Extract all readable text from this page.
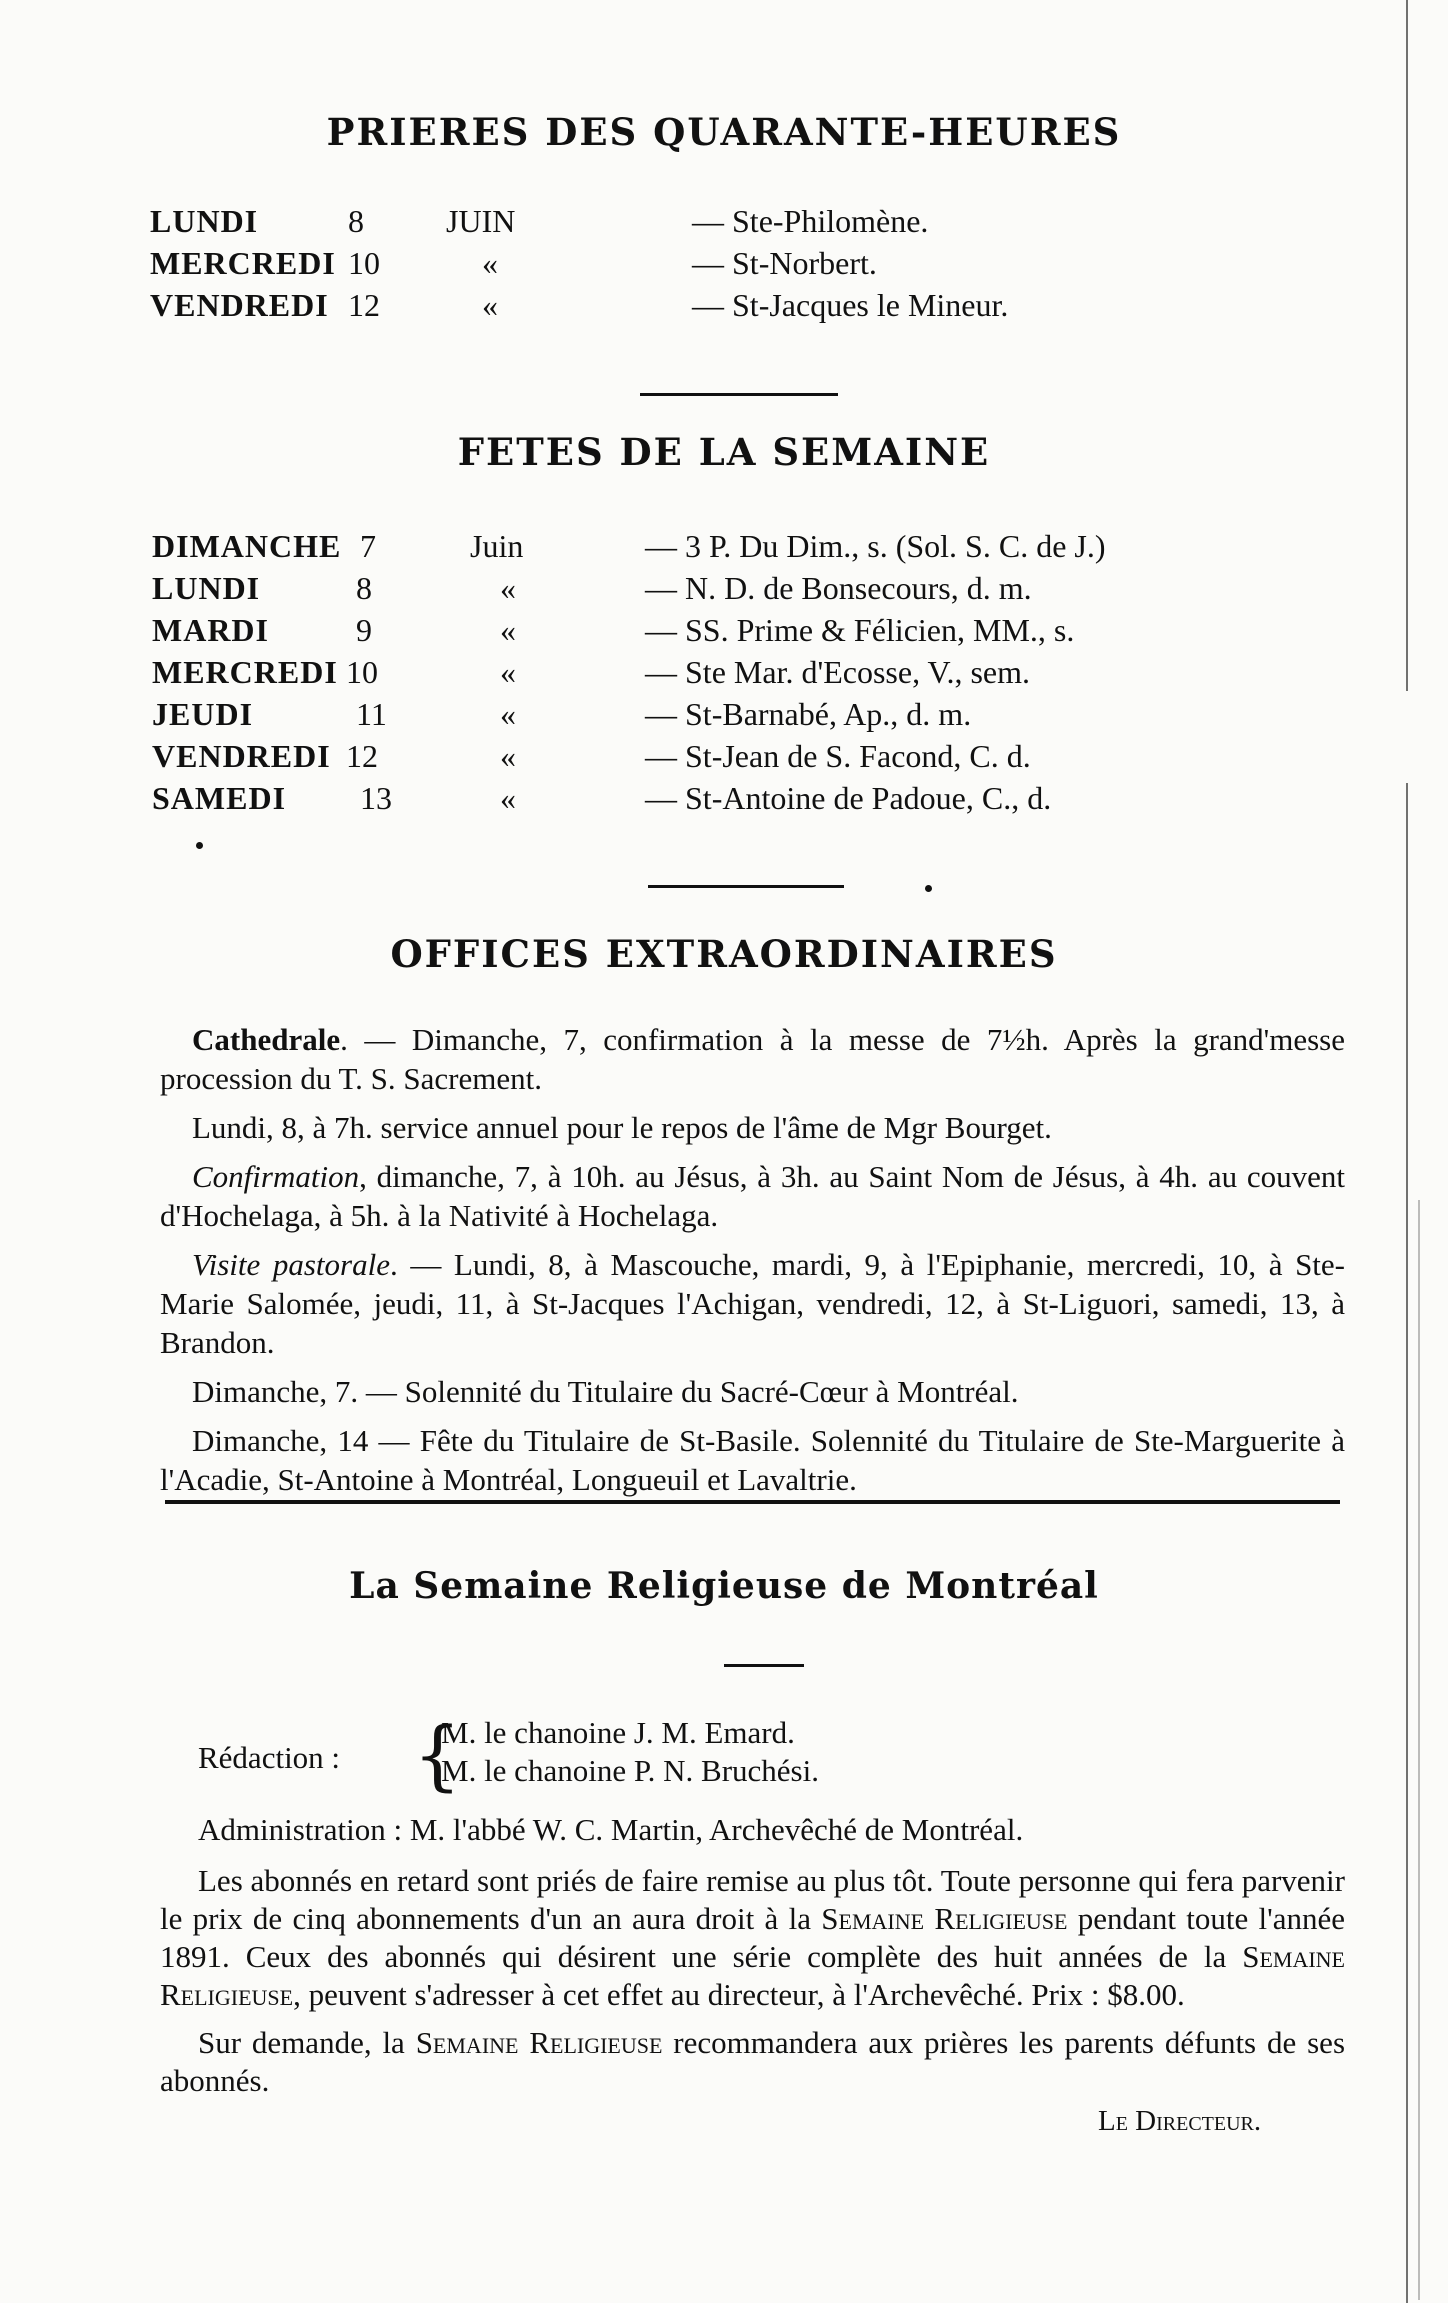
PRIERES DES QUARANTE-HEURES
LUNDI	8	JUIN	— Ste-Philomène.
MERCREDI 10	«	— St-Norbert.
VENDREDI 12	«	— St-Jacques le Mineur.
FETES DE LA SEMAINE
DIMANCHE 7	Juin	— 3 P. Du Dim., s. (Sol. S. C. de J.)
LUNDI	8	«	— N. D. de Bonsecours, d. m.
MARDI	9	«	— SS. Prime & Félicien, MM., s.
MERCREDI 10	«	— Ste Mar. d'Ecosse, V., sem.
JEUDI	11	«	— St-Barnabé, Ap., d. m.
VENDREDI 12	«	— St-Jean de S. Facond, C. d.
SAMEDI 13	«	— St-Antoine de Padoue, C., d.
OFFICES EXTRAORDINAIRES

Cathedrale. — Dimanche, 7, confirmation à la messe de 7½h. Après la grand'messe procession du T. S. Sacrement.

Lundi, 8, à 7h. service annuel pour le repos de l'âme de Mgr Bourget.

Confirmation, dimanche, 7, à 10h. au Jésus, à 3h. au Saint Nom de Jésus, à 4h. au couvent d'Hochelaga, à 5h. à la Nativité à Hochelaga.

Visite pastorale. — Lundi, 8, à Mascouche, mardi, 9, à l'Epiphanie, mercredi, 10, à Ste-Marie Salomée, jeudi, 11, à St-Jacques l'Achigan, vendredi, 12, à St-Liguori, samedi, 13, à Brandon.

Dimanche, 7. — Solennité du Titulaire du Sacré-Cœur à Montréal.

Dimanche, 14 — Fête du Titulaire de St-Basile. Solennité du Titulaire de Ste-Marguerite à l'Acadie, St-Antoine à Montréal, Longueuil et Lavaltrie.

La Semaine Religieuse de Montréal
Rédaction : {
M. le chanoine J. M. Emard.
M. le chanoine P. N. Bruchési.
Administration : M. l'abbé W. C. Martin, Archevêché de Montréal.

Les abonnés en retard sont priés de faire remise au plus tôt. Toute personne qui fera parvenir le prix de cinq abonnements d'un an aura droit à la Semaine Religieuse pendant toute l'année 1891. Ceux des abonnés qui désirent une série complète des huit années de la Semaine Religieuse, peuvent s'adresser à cet effet au directeur, à l'Archevêché. Prix : $8.00.

Sur demande, la Semaine Religieuse recommandera aux prières les parents défunts de ses abonnés.

Le Directeur.
